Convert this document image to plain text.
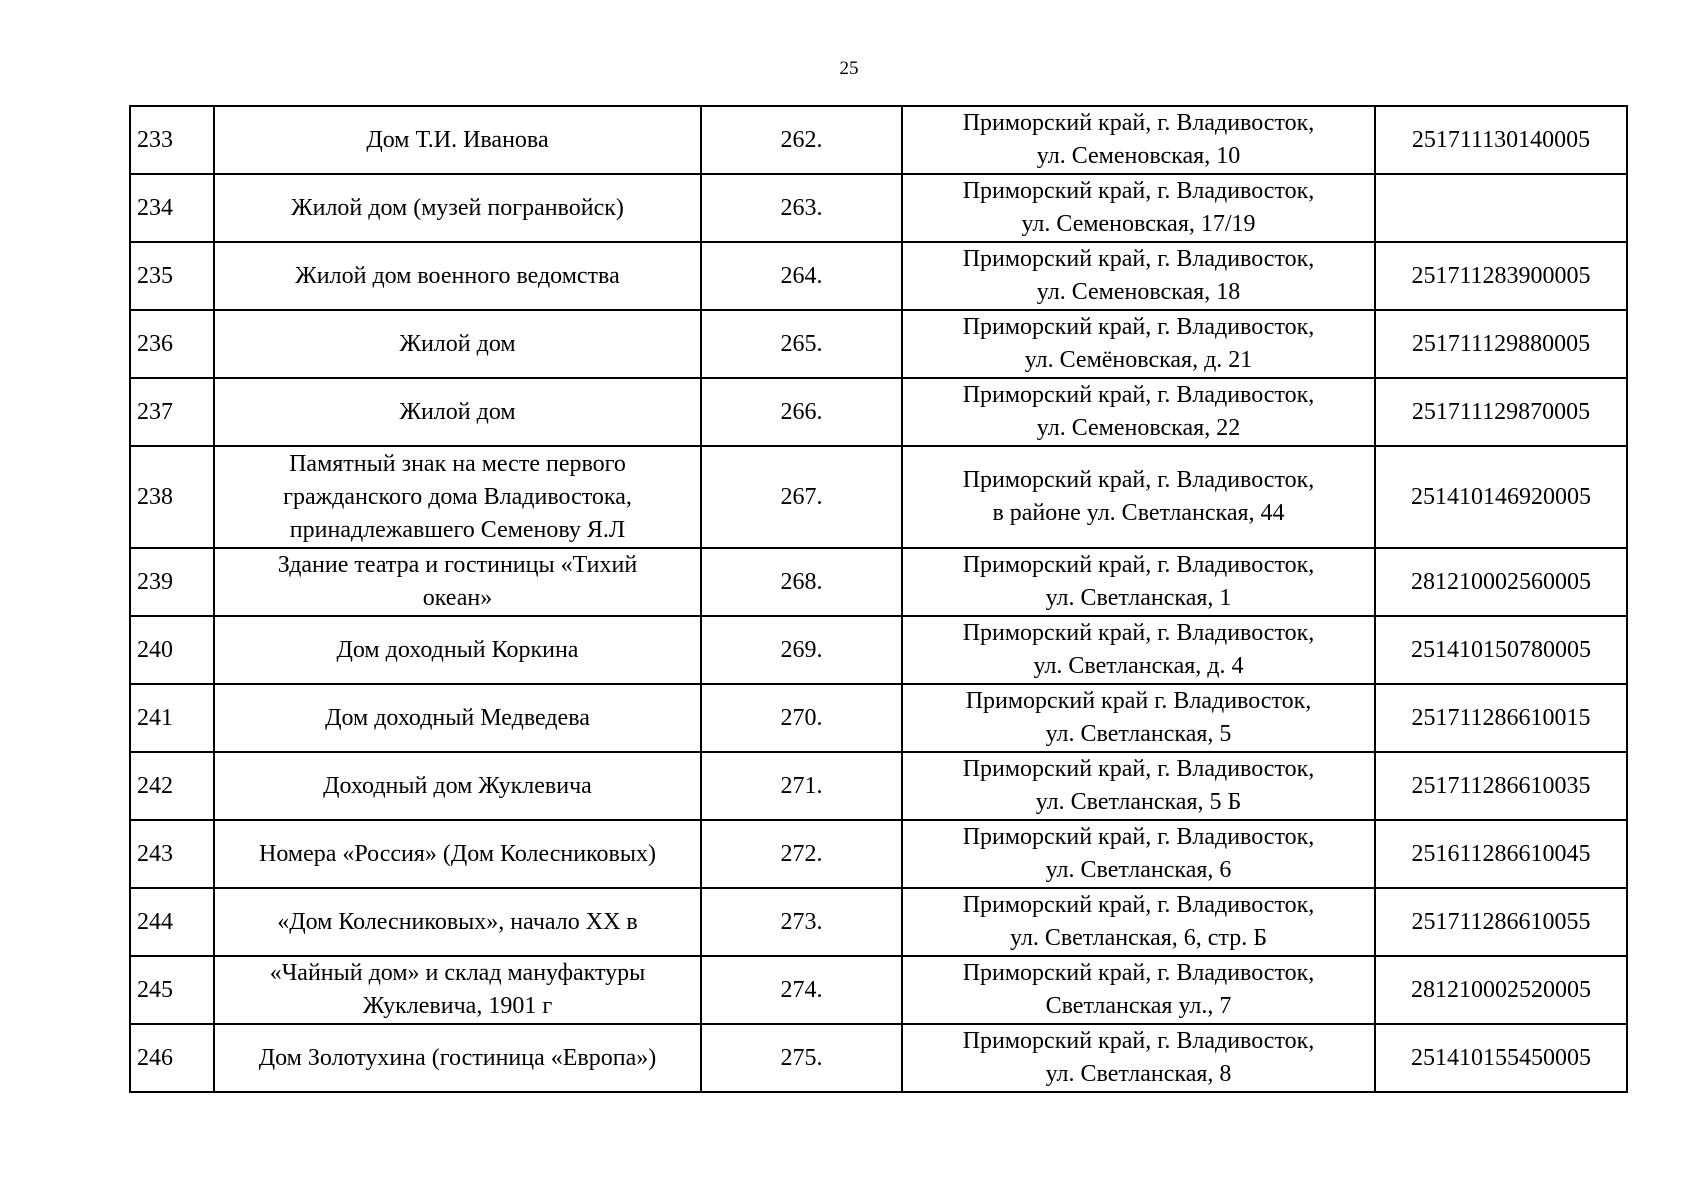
25
233	Дом Т.И. Иванова	262.	Приморский край, г. Владивосток,
ул. Семеновская, 10	251711130140005
234	Жилой дом (музей погранвойск)	263.	Приморский край, г. Владивосток,
ул. Семеновская, 17/19	

235	Жилой дом военного ведомства	264.	Приморский край, г. Владивосток,
ул. Семеновская, 18	251711283900005
236	Жилой дом	265.	Приморский край, г. Владивосток,
ул. Семёновская, д. 21	251711129880005
237	Жилой дом	266.	Приморский край, г. Владивосток,
ул. Семеновская, 22	251711129870005
238	Памятный знак на месте первого
гражданского дома Владивостока,
принадлежавшего Семенову Я.Л	267.	Приморский край, г. Владивосток,
в районе ул. Светланская, 44	251410146920005
239	Здание театра и гостиницы «Тихий
океан»	268.	Приморский край, г. Владивосток,
ул. Светланская, 1	281210002560005
240	Дом доходный Коркина	269.	Приморский край, г. Владивосток,
ул. Светланская, д. 4	251410150780005
241	Дом доходный Медведева	270.	Приморский край г. Владивосток,
ул. Светланская, 5	251711286610015
242	Доходный дом Жуклевича	271.	Приморский край, г. Владивосток,
ул. Светланская, 5 Б	251711286610035
243	Номера «Россия» (Дом Колесниковых)	272.	Приморский край, г. Владивосток,
ул. Светланская, 6	251611286610045
244	«Дом Колесниковых», начало XX в	273.	Приморский край, г. Владивосток,
ул. Светланская, 6, стр. Б	251711286610055
245	«Чайный дом» и склад мануфактуры
Жуклевича, 1901 г	274.	Приморский край, г. Владивосток,
Светланская ул., 7	281210002520005
246	Дом Золотухина (гостиница «Европа»)	275.	Приморский край, г. Владивосток,
ул. Светланская, 8	251410155450005
